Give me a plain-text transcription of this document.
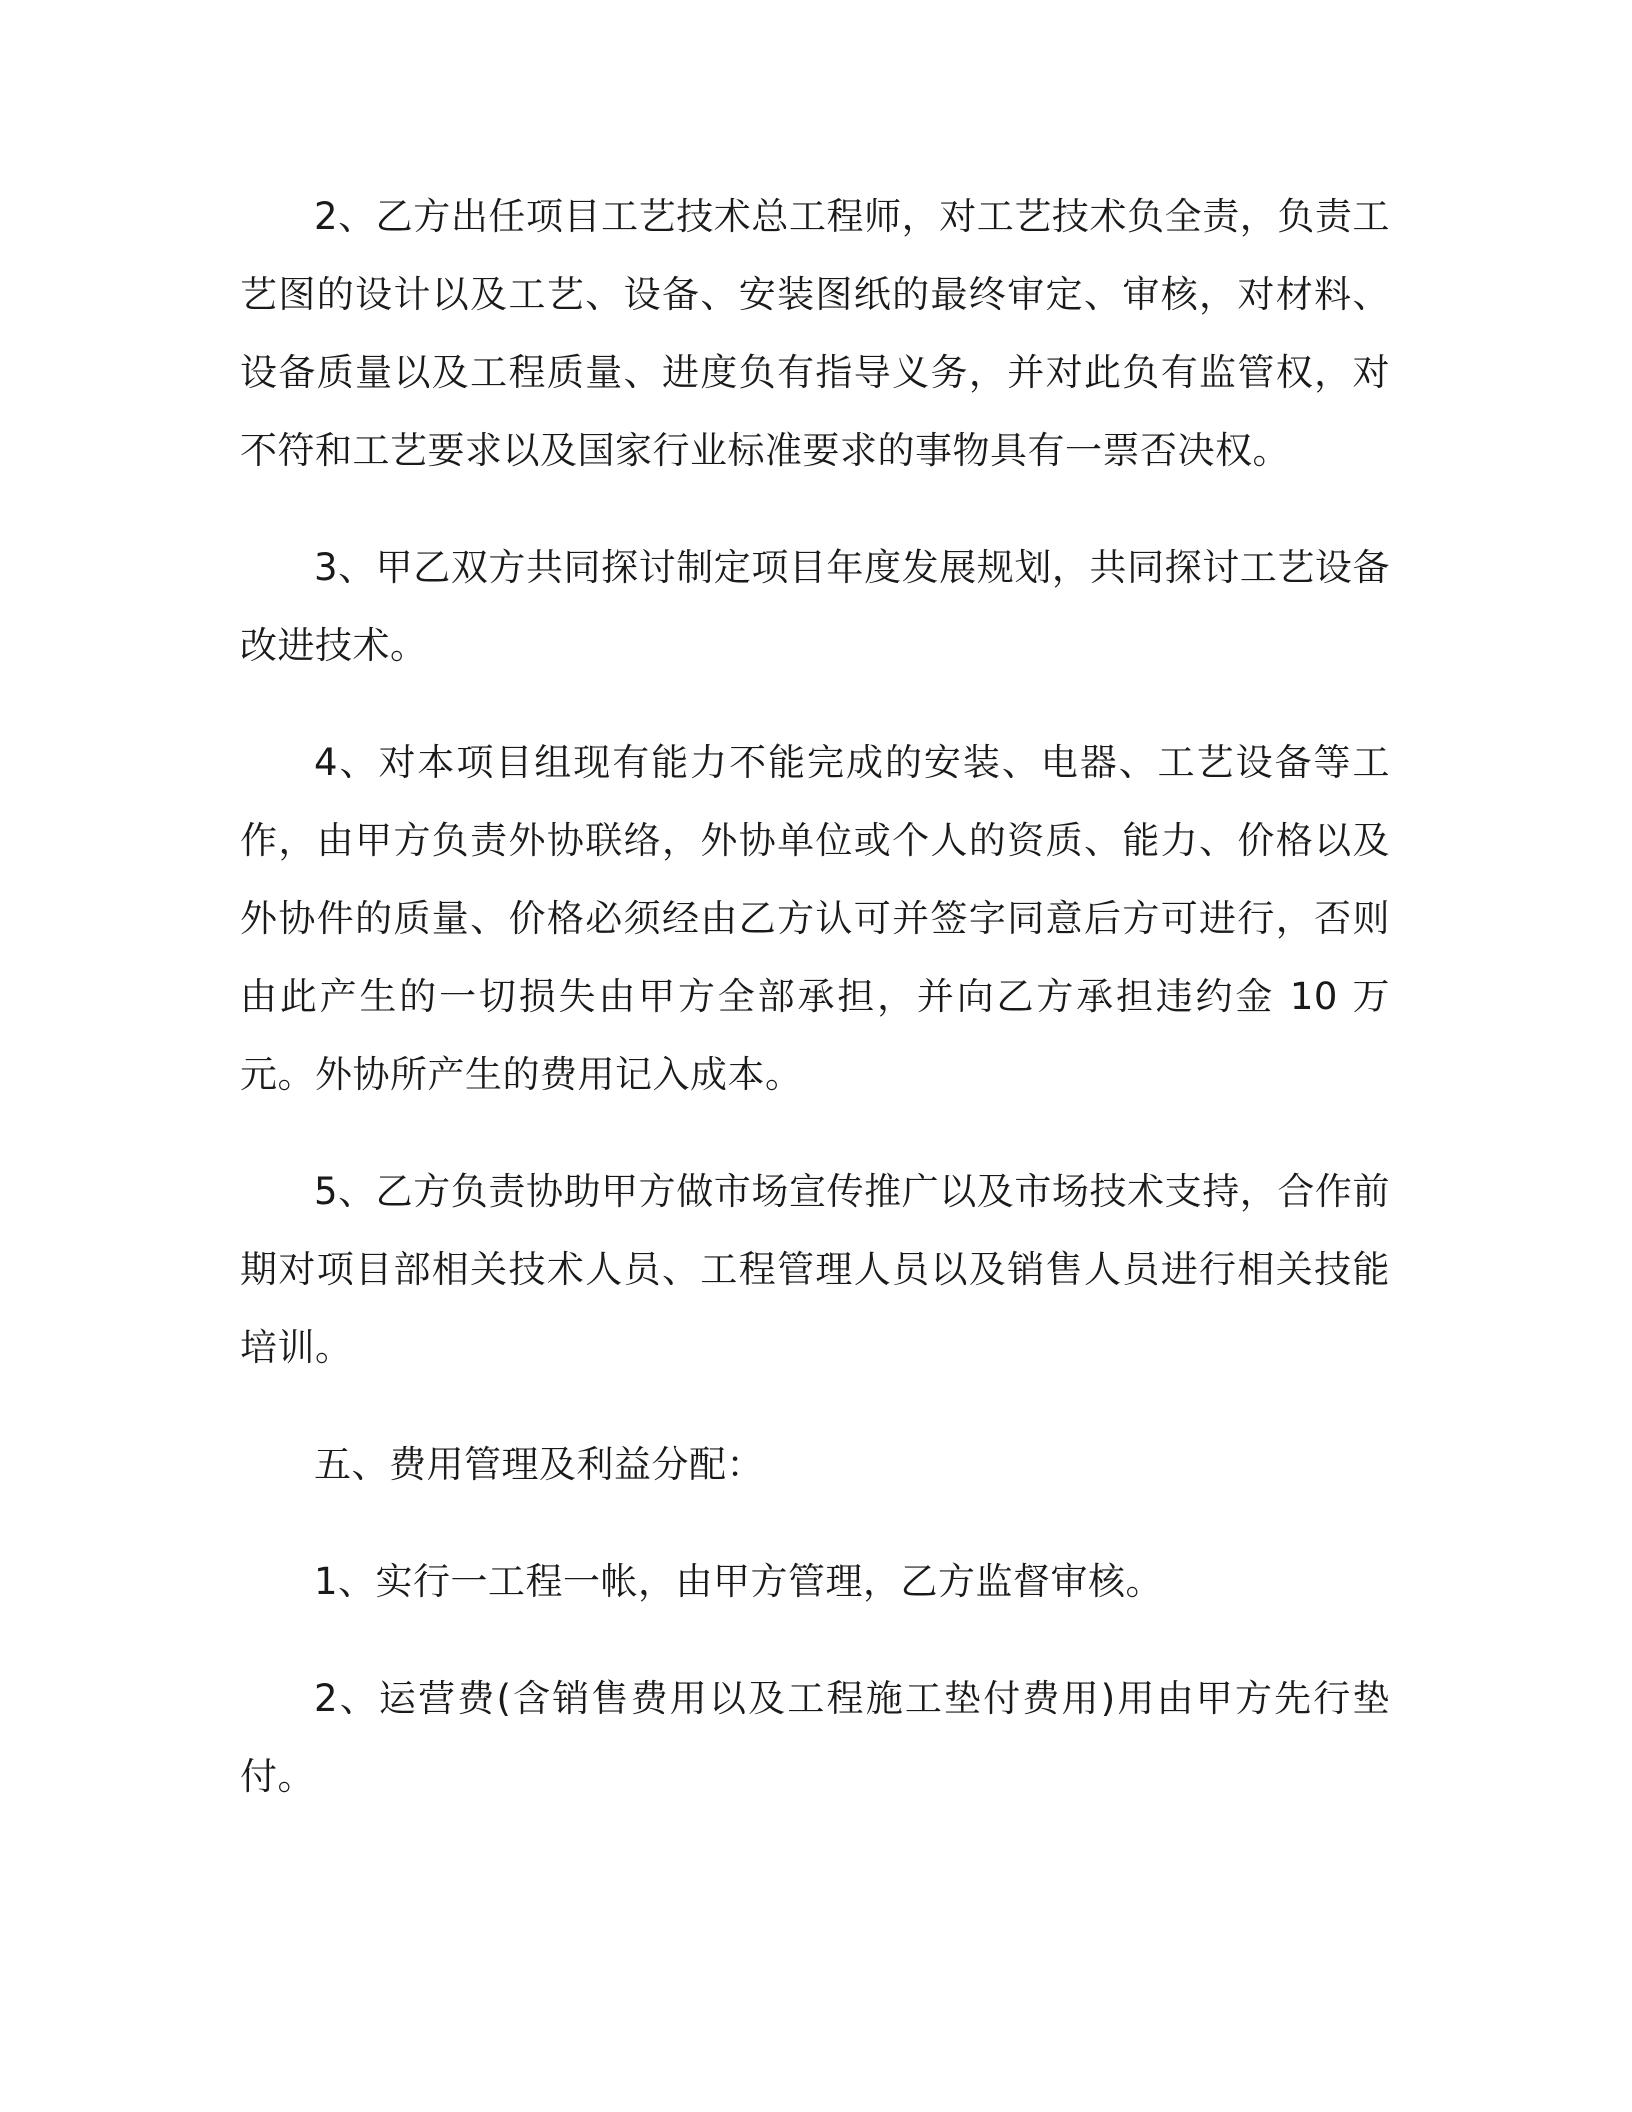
2、乙方出任项目工艺技术总工程师，对工艺技术负全责，负责工艺图的设计以及工艺、设备、安装图纸的最终审定、审核，对材料、设备质量以及工程质量、进度负有指导义务，并对此负有监管权，对不符和工艺要求以及国家行业标准要求的事物具有一票否决权。

3、甲乙双方共同探讨制定项目年度发展规划，共同探讨工艺设备改进技术。

4、对本项目组现有能力不能完成的安装、电器、工艺设备等工作，由甲方负责外协联络，外协单位或个人的资质、能力、价格以及外协件的质量、价格必须经由乙方认可并签字同意后方可进行，否则由此产生的一切损失由甲方全部承担，并向乙方承担违约金 10 万元。外协所产生的费用记入成本。

5、乙方负责协助甲方做市场宣传推广以及市场技术支持，合作前期对项目部相关技术人员、工程管理人员以及销售人员进行相关技能培训。

五、费用管理及利益分配：

1、实行一工程一帐，由甲方管理，乙方监督审核。

2、运营费(含销售费用以及工程施工垫付费用)用由甲方先行垫付。
